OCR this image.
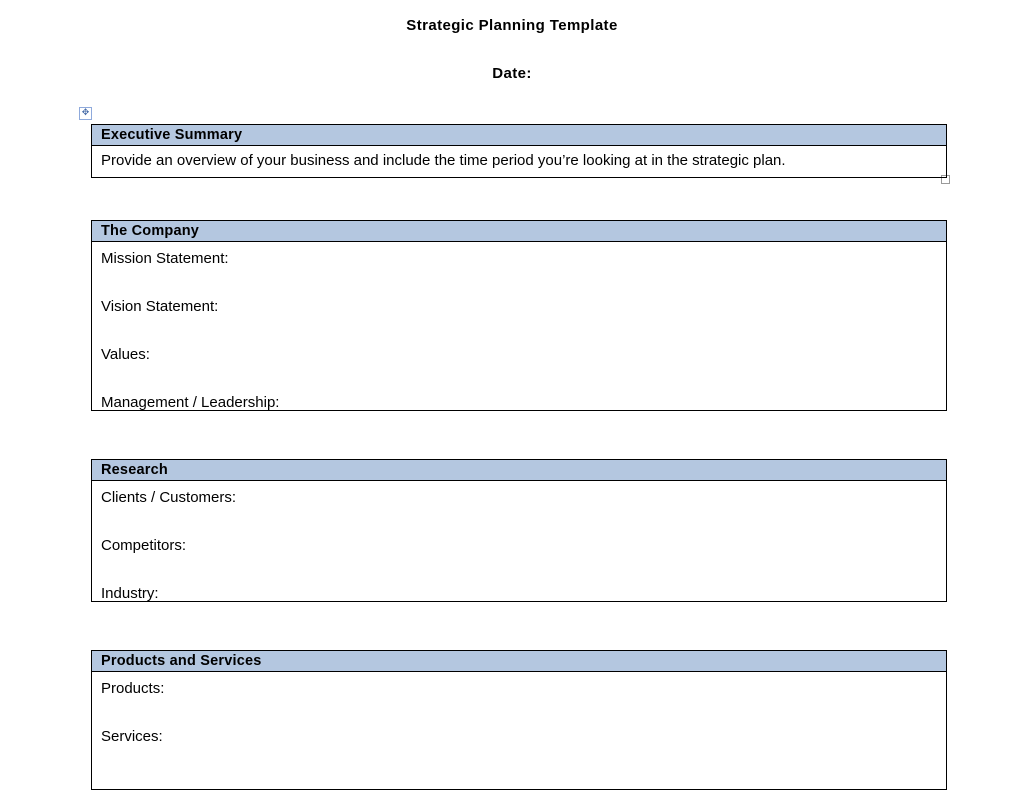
Strategic Planning Template
Date:
✥
Executive Summary
Provide an overview of your business and include the time period you’re looking at in the strategic plan.
The Company
Mission Statement:
Vision Statement:
Values:
Management / Leadership:
Research
Clients / Customers:
Competitors:
Industry:
Products and Services
Products:
Services:
